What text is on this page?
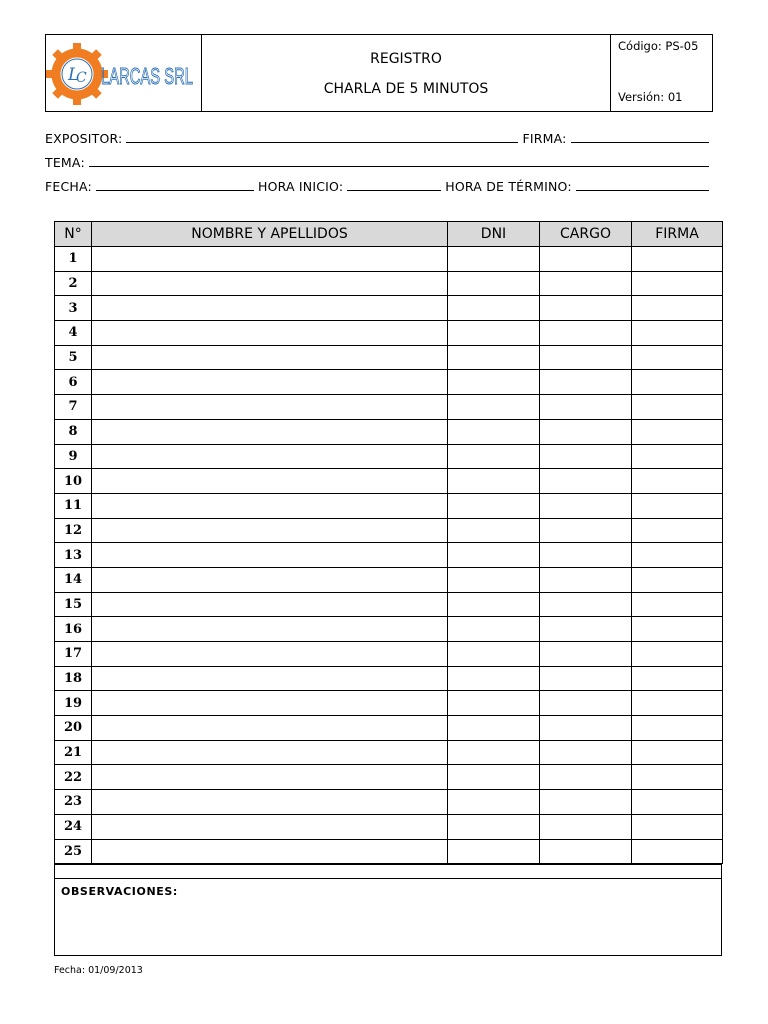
L
C LARCAS SRL
REGISTRO
CHARLA DE 5 MINUTOS
Código: PS-05
Versión: 01
EXPOSITOR:	FIRMA:
TEMA:
FECHA:	HORA INICIO:	HORA DE TÉRMINO:
N°	NOMBRE Y APELLIDOS	DNI	CARGO	FIRMA
1				
2				
3				
4				
5				
6				
7				
8				
9				
10				
11				
12				
13				
14				
15				
16				
17				
18				
19				
20				
21				
22				
23				
24				
25				
OBSERVACIONES:
Fecha: 01/09/2013
